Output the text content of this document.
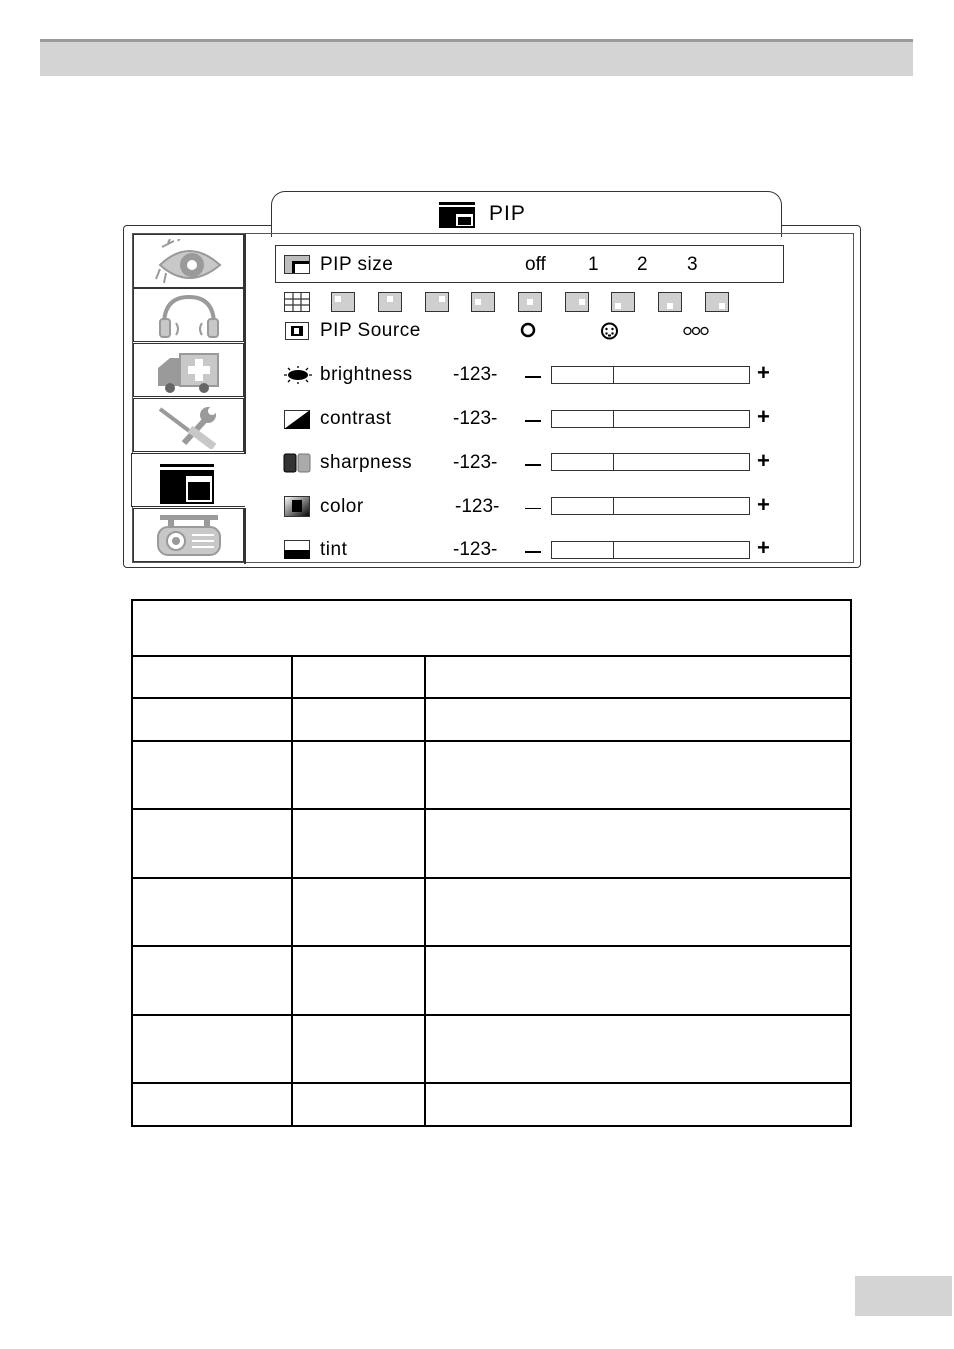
PIP
PIP size	off 1 2 3
PIP Source
brightness -123-	+
contrast	-123-	+
sharpness -123-	+
color	-123-	+
tint	-123-	+
